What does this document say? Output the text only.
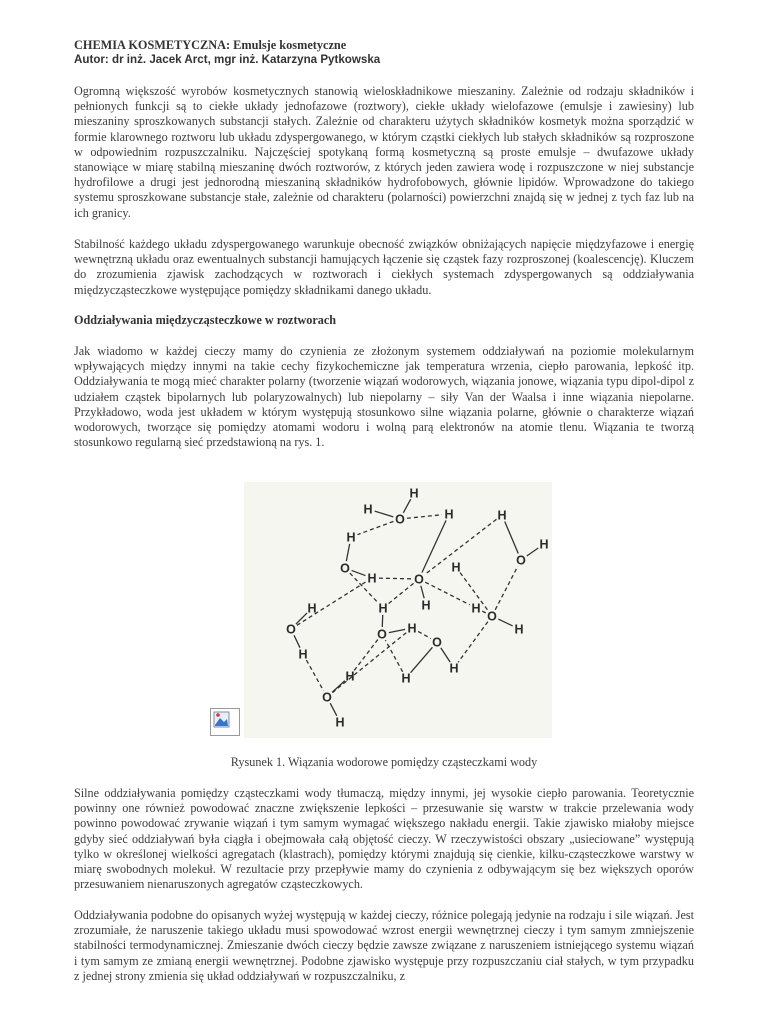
CHEMIA KOSMETYCZNA: Emulsje kosmetyczne
Autor: dr inż. Jacek Arct, mgr inż. Katarzyna Pytkowska

Ogromną większość wyrobów kosmetycznych stanowią wieloskładnikowe mieszaniny. Zależnie od rodzaju składników i pełnionych funkcji są to ciekłe układy jednofazowe (roztwory), ciekłe układy wielofazowe (emulsje i zawiesiny) lub mieszaniny sproszkowanych substancji stałych. Zależnie od charakteru użytych składników kosmetyk można sporządzić w formie klarownego roztworu lub układu zdyspergowanego, w którym cząstki ciekłych lub stałych składników są rozproszone w odpowiednim rozpuszczalniku. Najczęściej spotykaną formą kosmetyczną są proste emulsje – dwufazowe układy stanowiące w miarę stabilną mieszaninę dwóch roztworów, z których jeden zawiera wodę i rozpuszczone w niej substancje hydrofilowe a drugi jest jednorodną mieszaniną składników hydrofobowych, głównie lipidów. Wprowadzone do takiego systemu sproszkowane substancje stałe, zależnie od charakteru (polarności) powierzchni znajdą się w jednej z tych faz lub na ich granicy.

Stabilność każdego układu zdyspergowanego warunkuje obecność związków obniżających napięcie międzyfazowe i energię wewnętrzną układu oraz ewentualnych substancji hamujących łączenie się cząstek fazy rozproszonej (koalescencję). Kluczem do zrozumienia zjawisk zachodzących w roztworach i ciekłych systemach zdyspergowanych są oddziaływania międzycząsteczkowe występujące pomiędzy składnikami danego układu.

Oddziaływania międzycząsteczkowe w roztworach

Jak wiadomo w każdej cieczy mamy do czynienia ze złożonym systemem oddziaływań na poziomie molekularnym wpływających między innymi na takie cechy fizykochemiczne jak temperatura wrzenia, ciepło parowania, lepkość itp. Oddziaływania te mogą mieć charakter polarny (tworzenie wiązań wodorowych, wiązania jonowe, wiązania typu dipol-dipol z udziałem cząstek bipolarnych lub polaryzowalnych) lub niepolarny – siły Van der Waalsa i inne wiązania niepolarne. Przykładowo, woda jest układem w którym występują stosunkowo silne wiązania polarne, głównie o charakterze wiązań wodorowych, tworzące się pomiędzy atomami wodoru i wolną parą elektronów na atomie tlenu. Wiązania te tworzą stosunkowo regularną sieć przedstawioną na rys. 1.

O
H
H
O
H
H	O
H
H
H	O
H
H
O
H
H
O
H
H
O
H
H
O
H
H
O
H
H
Rysunek 1. Wiązania wodorowe pomiędzy cząsteczkami wody

Silne oddziaływania pomiędzy cząsteczkami wody tłumaczą, między innymi, jej wysokie ciepło parowania. Teoretycznie powinny one również powodować znaczne zwiększenie lepkości – przesuwanie się warstw w trakcie przelewania wody powinno powodować zrywanie wiązań i tym samym wymagać większego nakładu energii. Takie zjawisko miałoby miejsce gdyby sieć oddziaływań była ciągła i obejmowała całą objętość cieczy. W rzeczywistości obszary „usieciowane” występują tylko w określonej wielkości agregatach (klastrach), pomiędzy którymi znajdują się cienkie, kilku-cząsteczkowe warstwy w miarę swobodnych molekuł. W rezultacie przy przepływie mamy do czynienia z odbywającym się bez większych oporów przesuwaniem nienaruszonych agregatów cząsteczkowych.

Oddziaływania podobne do opisanych wyżej występują w każdej cieczy, różnice polegają jedynie na rodzaju i sile wiązań. Jest zrozumiałe, że naruszenie takiego układu musi spowodować wzrost energii wewnętrznej cieczy i tym samym zmniejszenie stabilności termodynamicznej. Zmieszanie dwóch cieczy będzie zawsze związane z naruszeniem istniejącego systemu wiązań i tym samym ze zmianą energii wewnętrznej. Podobne zjawisko występuje przy rozpuszczaniu ciał stałych, w tym przypadku z jednej strony zmienia się układ oddziaływań w rozpuszczalniku, z
